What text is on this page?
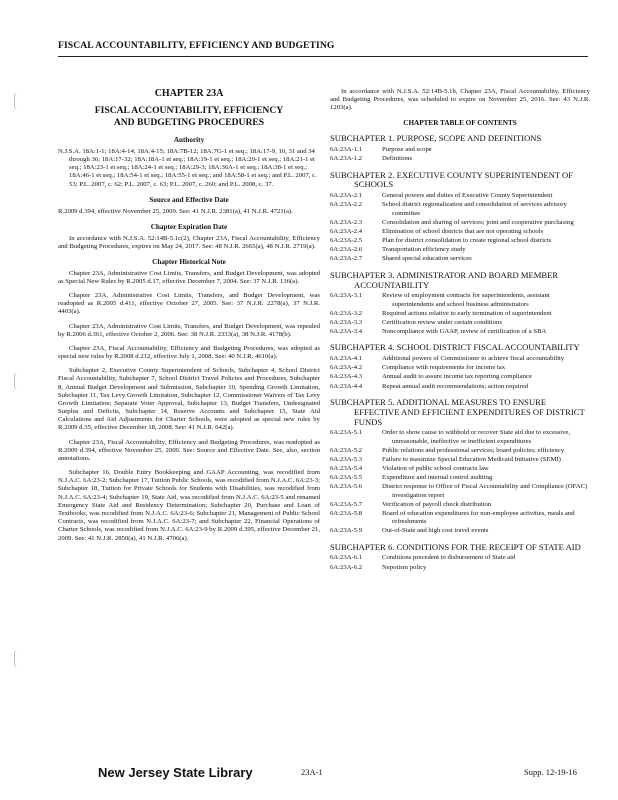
FISCAL ACCOUNTABILITY, EFFICIENCY AND BUDGETING
CHAPTER 23A
FISCAL ACCOUNTABILITY, EFFICIENCY
AND BUDGETING PROCEDURES
Authority

N.J.S.A. 18A:1-1; 18A:4-14; 18A:4-15; 18A:7B-12; 18A:7G-1 et seq.; 18A:17-9, 10, 31 and 34 through 36; 18A:17-32; 18A:18A-1 et seq.; 18A:19-1 et seq.; 18A:20-1 et seq.; 18A:21-1 et seq.; 18A:23-1 et seq.; 18A:24-1 et seq.; 18A:29-3; 18A:36A-1 et seq.; 18A:38-1 et seq.; 18A:46-1 et seq.; 18A:54-1 et seq.; 18A:55-1 et seq.; and 18A:58-1 et seq.; and P.L. 2007, c. 53; P.L. 2007, c. 62; P.L. 2007, c. 63; P.L. 2007, c. 260; and P.L. 2008, c. 37.

Source and Effective Date

R.2009 d.394, effective November 25, 2009. See: 41 N.J.R. 2381(a), 41 N.J.R. 4721(a).

Chapter Expiration Date

In accordance with N.J.S.A. 52:14B-5.1c(2), Chapter 23A, Fiscal Accountability, Efficiency and Budgeting Procedures, expires on May 24, 2017. See: 48 N.J.R. 2665(a), 48 N.J.R. 2719(a).

Chapter Historical Note

Chapter 23A, Administrative Cost Limits, Transfers, and Budget Development, was adopted as Special New Rules by R.2005 d.17, effective December 7, 2004. See: 37 N.J.R. 136(a).

Chapter 23A, Administrative Cost Limits, Transfers, and Budget Development, was readopted as R.2005 d.411, effective October 27, 2005. See: 37 N.J.R. 2278(a), 37 N.J.R. 4403(a).

Chapter 23A, Administrative Cost Limits, Transfers, and Budget Development, was repealed by R.2006 d.361, effective October 2, 2006. See: 38 N.J.R. 2333(a), 38 N.J.R. 4178(b).

Chapter 23A, Fiscal Accountability, Efficiency and Budgeting Procedures, was adopted as special new rules by R.2008 d.212, effective July 1, 2008. See: 40 N.J.R. 4610(a).

Subchapter 2, Executive County Superintendent of Schools, Subchapter 4, School District Fiscal Accountability, Subchapter 7, School District Travel Policies and Procedures, Subchapter 8, Annual Budget Development and Submission, Subchapter 10, Spending Growth Limitation, Subchapter 11, Tax Levy Growth Limitation, Subchapter 12, Commissioner Waivers of Tax Levy Growth Limitation; Separate Voter Approval, Subchapter 13, Budget Transfers, Undesignated Surplus and Deficits, Subchapter 14, Reserve Accounts and Subchapter 15, State Aid Calculations and Aid Adjustments for Charter Schools, were adopted as special new rules by R.2009 d.35, effective December 18, 2008. See: 41 N.J.R. 642(a).

Chapter 23A, Fiscal Accountability, Efficiency and Budgeting Procedures, was readopted as R.2009 d.394, effective November 25, 2009. See: Source and Effective Date. See, also, section annotations.

Subchapter 16, Double Entry Bookkeeping and GAAP Accounting, was recodified from N.J.A.C. 6A:23-2; Subchapter 17, Tuition Public Schools, was recodified from N.J.A.C. 6A:23-3; Subchapter 18, Tuition for Private Schools for Students with Disabilities, was recodified from N.J.A.C. 6A:23-4; Subchapter 19, State Aid, was recodified from N.J.A.C. 6A:23-5 and renamed Emergency State Aid and Residency Determination; Subchapter 20, Purchase and Loan of Textbooks, was recodified from N.J.A.C. 6A:23-6; Subchapter 21, Management of Public School Contracts, was recodified from N.J.A.C. 6A:23-7; and Subchapter 22, Financial Operations of Charter Schools, was recodified from N.J.A.C. 6A:23-9 by R.2009 d.395, effective December 21, 2009. See: 41 N.J.R. 2850(a), 41 N.J.R. 4706(a).

In accordance with N.J.S.A. 52:14B-5.1b, Chapter 23A, Fiscal Accountability, Efficiency and Budgeting Procedures, was scheduled to expire on November 25, 2016. See: 43 N.J.R. 1203(a).

CHAPTER TABLE OF CONTENTS
SUBCHAPTER 1. PURPOSE, SCOPE AND DEFINITIONS
6A:23A-1.1	Purpose and scope
6A:23A-1.2	Definitions
SUBCHAPTER 2. EXECUTIVE COUNTY SUPERINTENDENT OF SCHOOLS
6A:23A-2.1	General powers and duties of Executive County Superintendent
6A:23A-2.2	School district regionalization and consolidation of services advisory committee
6A:23A-2.3	Consolidation and sharing of services; joint and cooperative purchasing
6A:23A-2.4	Elimination of school districts that are not operating schools
6A:23A-2.5	Plan for district consolidation to create regional school districts
6A:23A-2.6	Transportation efficiency study
6A:23A-2.7	Shared special education services
SUBCHAPTER 3. ADMINISTRATOR AND BOARD MEMBER ACCOUNTABILITY
6A:23A-3.1	Review of employment contracts for superintendents, assistant superintendents and school business administrators
6A:23A-3.2	Required actions relative to early termination of superintendent
6A:23A-3.3	Certification review under certain conditions
6A:23A-3.4	Noncompliance with GAAP, review of certification of a SBA
SUBCHAPTER 4. SCHOOL DISTRICT FISCAL ACCOUNTABILITY
6A:23A-4.1	Additional powers of Commissioner to achieve fiscal accountability
6A:23A-4.2	Compliance with requirements for income tax
6A:23A-4.3	Annual audit to assure income tax reporting compliance
6A:23A-4.4	Repeat annual audit recommendations; action required
SUBCHAPTER 5. ADDITIONAL MEASURES TO ENSURE EFFECTIVE AND EFFICIENT EXPENDITURES OF DISTRICT FUNDS
6A:23A-5.1	Order to show cause to withhold or recover State aid due to excessive, unreasonable, ineffective or inefficient expenditures
6A:23A-5.2	Public relations and professional services; board policies; efficiency
6A:23A-5.3	Failure to maximize Special Education Medicaid Initiative (SEMI)
6A:23A-5.4	Violation of public school contracts law
6A:23A-5.5	Expenditure and internal control auditing
6A:23A-5.6	District response to Office of Fiscal Accountability and Compliance (OFAC) investigation report
6A:23A-5.7	Verification of payroll check distribution
6A:23A-5.8	Board of education expenditures for non-employee activities, meals and refreshments
6A:23A-5.9	Out-of-State and high cost travel events
SUBCHAPTER 6. CONDITIONS FOR THE RECEIPT OF STATE AID
6A:23A-6.1	Conditions precedent to disbursement of State aid
6A:23A-6.2	Nepotism policy
New Jersey State Library	23A-1	Supp. 12-19-16
